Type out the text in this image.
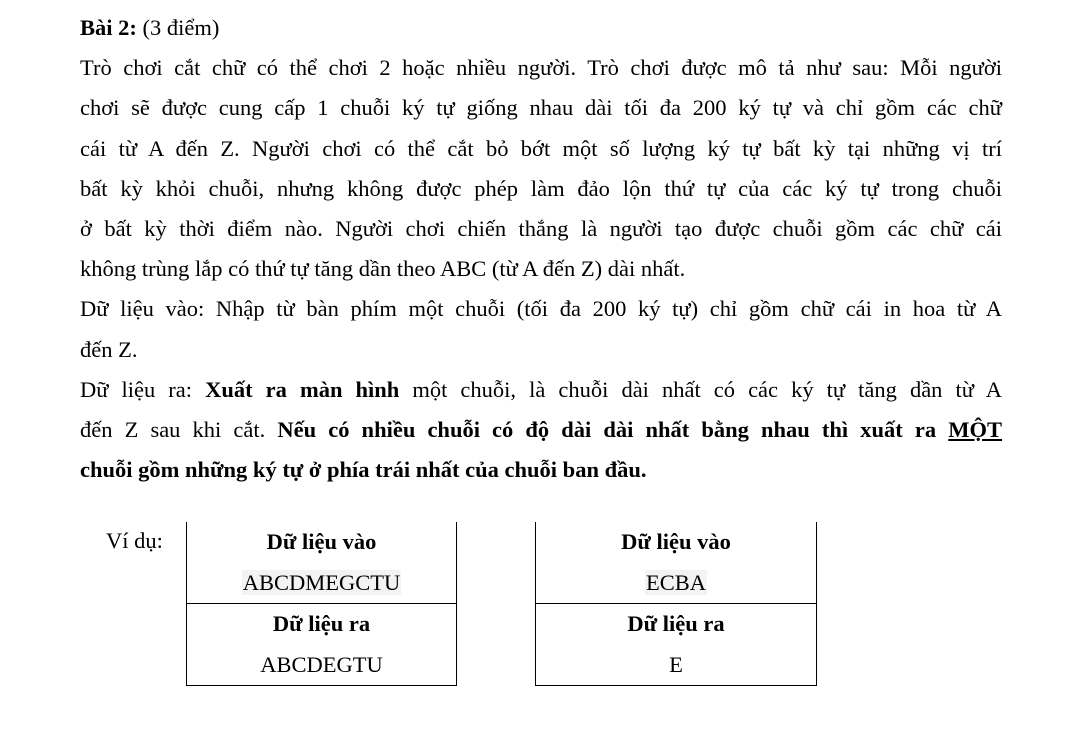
Bài 2: (3 điểm)
Trò chơi cắt chữ có thể chơi 2 hoặc nhiều người. Trò chơi được mô tả như sau: Mỗi người
chơi sẽ được cung cấp 1 chuỗi ký tự giống nhau dài tối đa 200 ký tự và chỉ gồm các chữ
cái từ A đến Z. Người chơi có thể cắt bỏ bớt một số lượng ký tự bất kỳ tại những vị trí
bất kỳ khỏi chuỗi, nhưng không được phép làm đảo lộn thứ tự của các ký tự trong chuỗi
ở bất kỳ thời điểm nào. Người chơi chiến thắng là người tạo được chuỗi gồm các chữ cái
không trùng lắp có thứ tự tăng dần theo ABC (từ A đến Z) dài nhất.
Dữ liệu vào: Nhập từ bàn phím một chuỗi (tối đa 200 ký tự) chỉ gồm chữ cái in hoa từ A
đến Z.
Dữ liệu ra: Xuất ra màn hình một chuỗi, là chuỗi dài nhất có các ký tự tăng dần từ A
đến Z sau khi cắt. Nếu có nhiều chuỗi có độ dài dài nhất bằng nhau thì xuất ra MỘT
chuỗi gồm những ký tự ở phía trái nhất của chuỗi ban đầu.
Ví dụ:	Dữ liệu vào
ABCDMEGCTU
Dữ liệu ra
ABCDEGTU
Dữ liệu vào
ECBA
Dữ liệu ra
E
